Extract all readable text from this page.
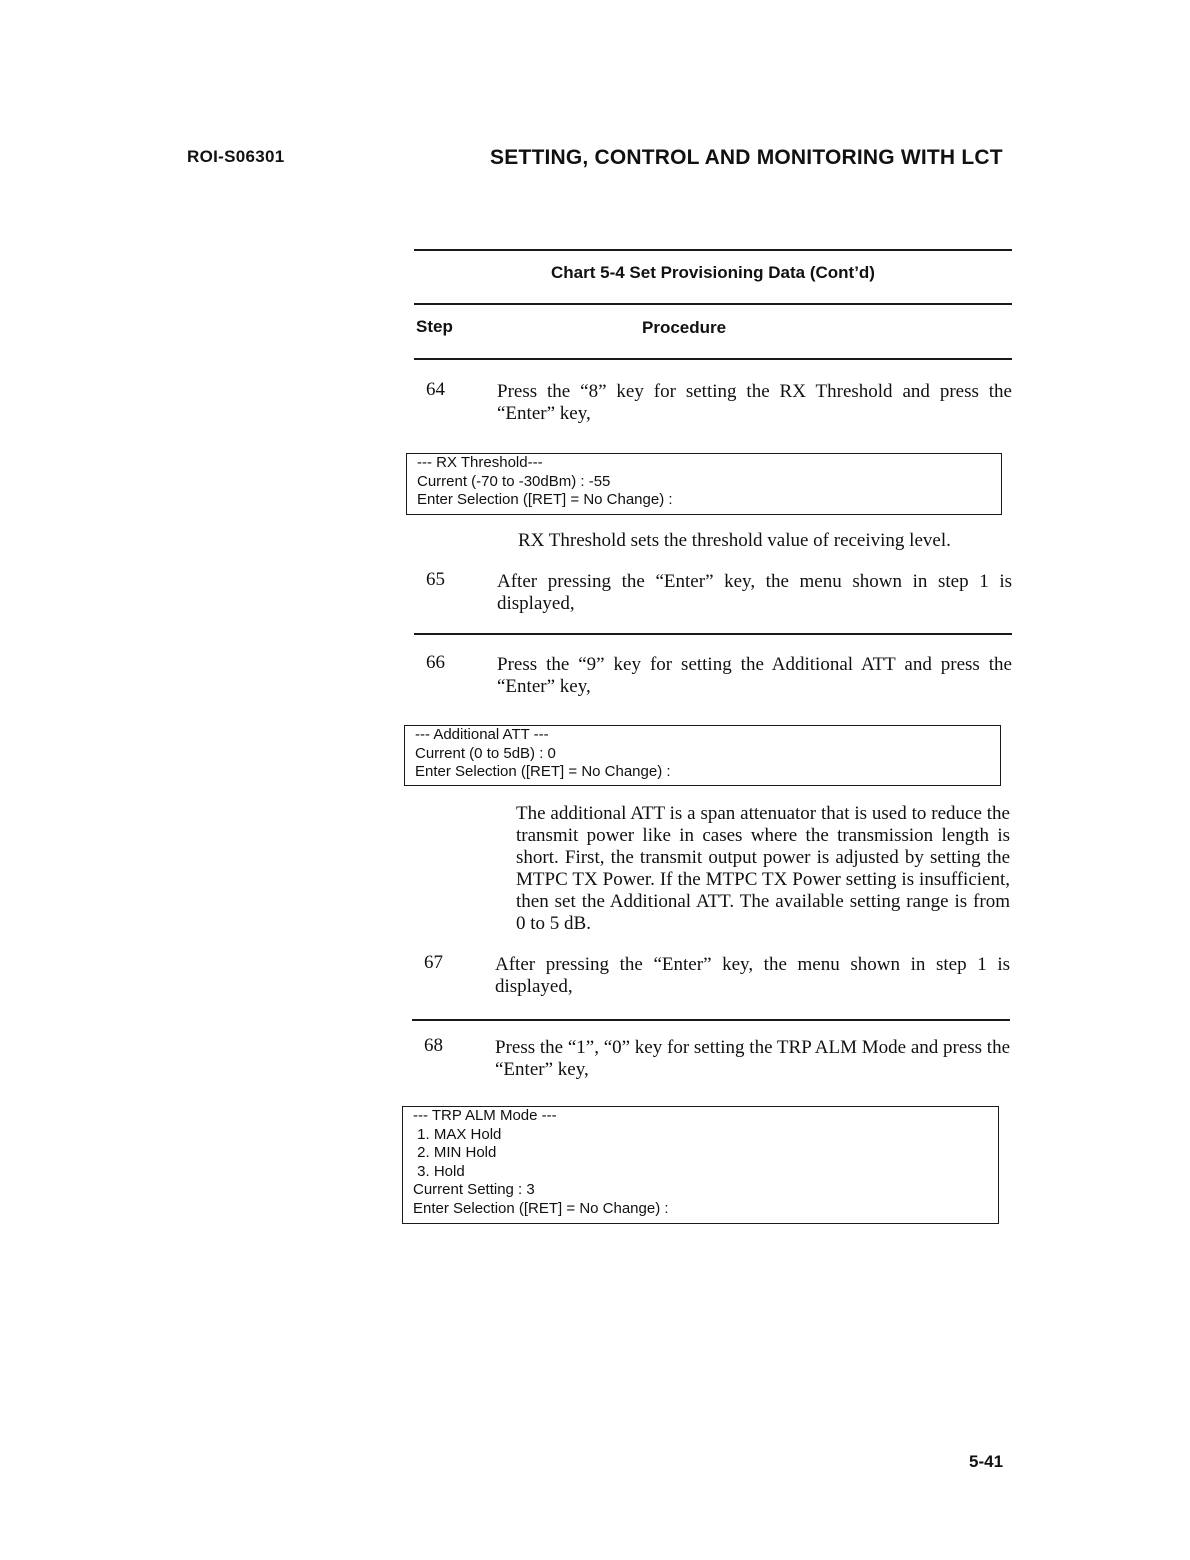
ROI-S06301	SETTING, CONTROL AND MONITORING WITH LCT
Chart 5-4 Set Provisioning Data (Cont’d)
Step	Procedure
64	Press the “8” key for setting the RX Threshold and press the “Enter” key,
--- RX Threshold---
Current (-70 to -30dBm) : -55
Enter Selection ([RET] = No Change) :
RX Threshold sets the threshold value of receiving level.
65	After pressing the “Enter” key, the menu shown in step 1 is displayed,
66	Press the “9” key for setting the Additional ATT and press the “Enter” key,
--- Additional ATT ---
Current (0 to 5dB) : 0
Enter Selection ([RET] = No Change) :
The additional ATT is a span attenuator that is used to reduce the transmit power like in cases where the transmission length is short. First, the transmit output power is adjusted by setting the MTPC TX Power. If the MTPC TX Power setting is insufficient, then set the Additional ATT. The available setting range is from 0 to 5 dB.
67	After pressing the “Enter” key, the menu shown in step 1 is displayed,
68	Press the “1”, “0” key for setting the TRP ALM Mode and press the “Enter” key,
--- TRP ALM Mode ---
1. MAX Hold
2. MIN Hold
3. Hold
Current Setting : 3
Enter Selection ([RET] = No Change) :
5-41
